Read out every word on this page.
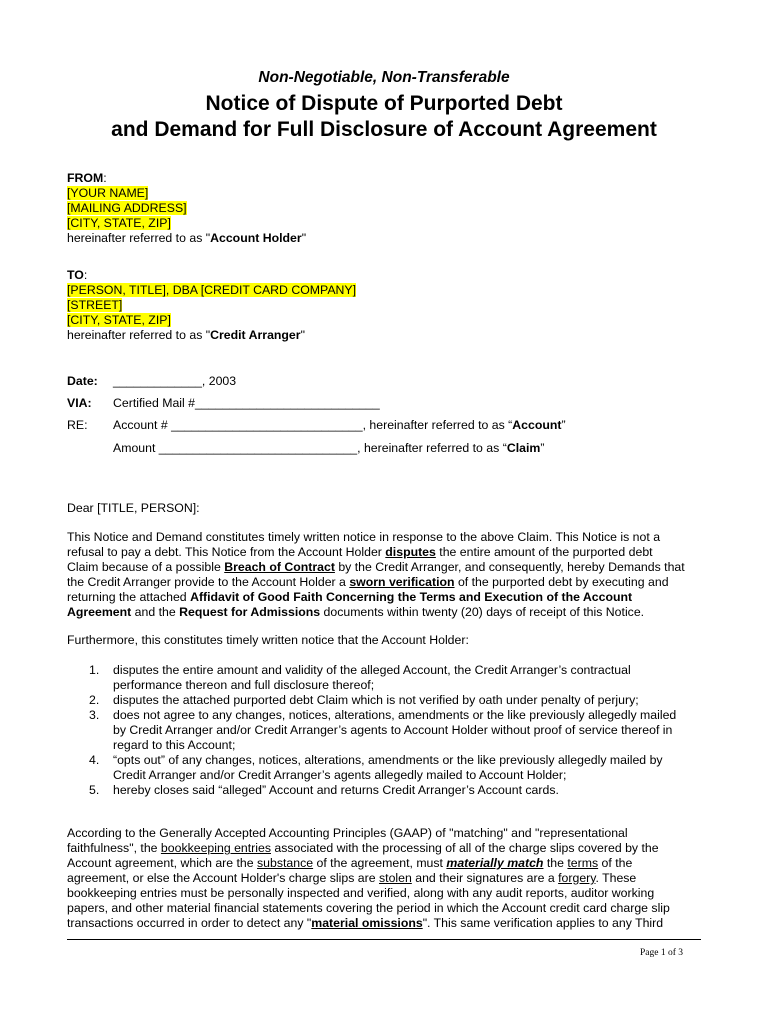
Non-Negotiable, Non-Transferable
Notice of Dispute of Purported Debt
and Demand for Full Disclosure of Account Agreement
FROM:
[YOUR NAME]
[MAILING ADDRESS]
[CITY, STATE, ZIP]
hereinafter referred to as "Account Holder"
TO:
[PERSON, TITLE], DBA [CREDIT CARD COMPANY]
[STREET]
[CITY, STATE, ZIP]
hereinafter referred to as "Credit Arranger"
Date: _____________, 2003
VIA: Certified Mail #___________________________
RE: Account # ____________________________, hereinafter referred to as “Account”
Amount _____________________________, hereinafter referred to as “Claim”
Dear [TITLE, PERSON]:
This Notice and Demand constitutes timely written notice in response to the above Claim. This Notice is not a
refusal to pay a debt. This Notice from the Account Holder disputes the entire amount of the purported debt
Claim because of a possible Breach of Contract by the Credit Arranger, and consequently, hereby Demands that
the Credit Arranger provide to the Account Holder a sworn verification of the purported debt by executing and
returning the attached Affidavit of Good Faith Concerning the Terms and Execution of the Account
Agreement and the Request for Admissions documents within twenty (20) days of receipt of this Notice.
Furthermore, this constitutes timely written notice that the Account Holder:
1. disputes the entire amount and validity of the alleged Account, the Credit Arranger’s contractual
performance thereon and full disclosure thereof;
2. disputes the attached purported debt Claim which is not verified by oath under penalty of perjury;
3. does not agree to any changes, notices, alterations, amendments or the like previously allegedly mailed
by Credit Arranger and/or Credit Arranger’s agents to Account Holder without proof of service thereof in
regard to this Account;
4. “opts out” of any changes, notices, alterations, amendments or the like previously allegedly mailed by
Credit Arranger and/or Credit Arranger’s agents allegedly mailed to Account Holder;
5. hereby closes said “alleged” Account and returns Credit Arranger’s Account cards.
According to the Generally Accepted Accounting Principles (GAAP) of "matching" and "representational
faithfulness", the bookkeeping entries associated with the processing of all of the charge slips covered by the
Account agreement, which are the substance of the agreement, must materially match the terms of the
agreement, or else the Account Holder's charge slips are stolen and their signatures are a forgery. These
bookkeeping entries must be personally inspected and verified, along with any audit reports, auditor working
papers, and other material financial statements covering the period in which the Account credit card charge slip
transactions occurred in order to detect any "material omissions". This same verification applies to any Third
Page 1 of 3
